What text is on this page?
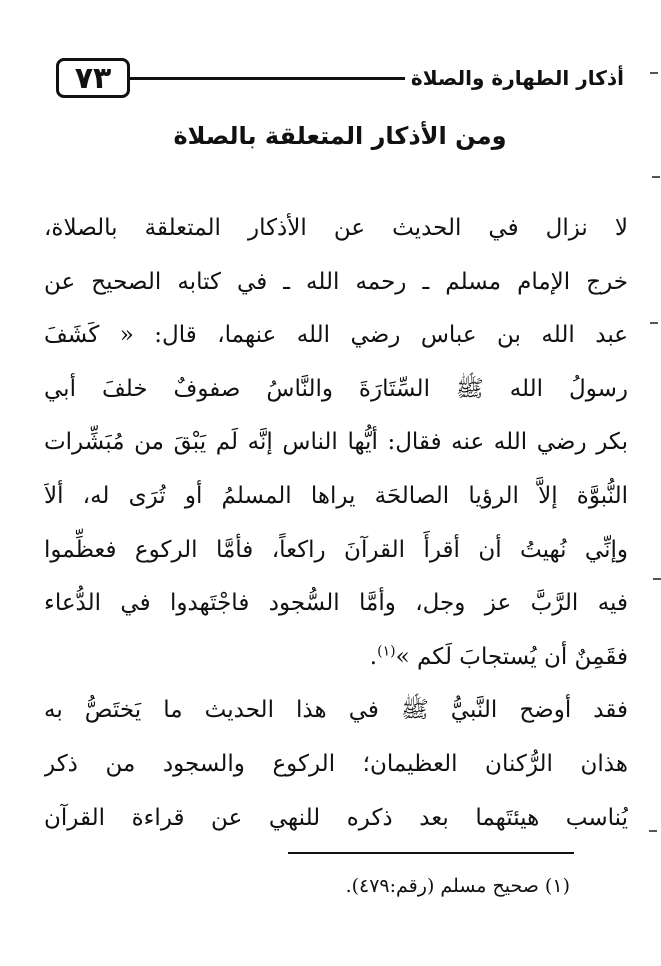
أذكار الطهارة والصلاة
٧٣
ومن الأذكار المتعلقة بالصلاة
لا نزال في الحديث عن الأذكار المتعلقة بالصلاة،
خرج الإمام مسلم ـ رحمه الله ـ في كتابه الصحيح عن
عبد الله بن عباس رضي الله عنهما، قال: « كَشَفَ
رسولُ الله ﷺ السِّتَارَةَ والنَّاسُ صفوفٌ خلفَ أبي
بكر رضي الله عنه فقال: أيُّها الناس إنَّه لَم يَبْقَ من مُبَشِّرات
النُّبوَّة إلاَّ الرؤيا الصالحَة يراها المسلمُ أو تُرَى له، ألاَ
وإنِّي نُهيتُ أن أقرأَ القرآنَ راكعاً، فأمَّا الركوع فعظِّموا
فيه الرَّبَّ عز وجل، وأمَّا السُّجود فاجْتَهدوا في الدُّعاء
فقَمِنٌ أن يُستجابَ لَكم »$^{(١)}$.
فقد أوضح النَّبيُّ ﷺ في هذا الحديث ما يَختَصُّ به
هذان الرُّكنان العظيمان؛ الركوع والسجود من ذكر
يُناسب هيئتَهما بعد ذكره للنهي عن قراءة القرآن
(١) صحيح مسلم (رقم:٤٧٩).
